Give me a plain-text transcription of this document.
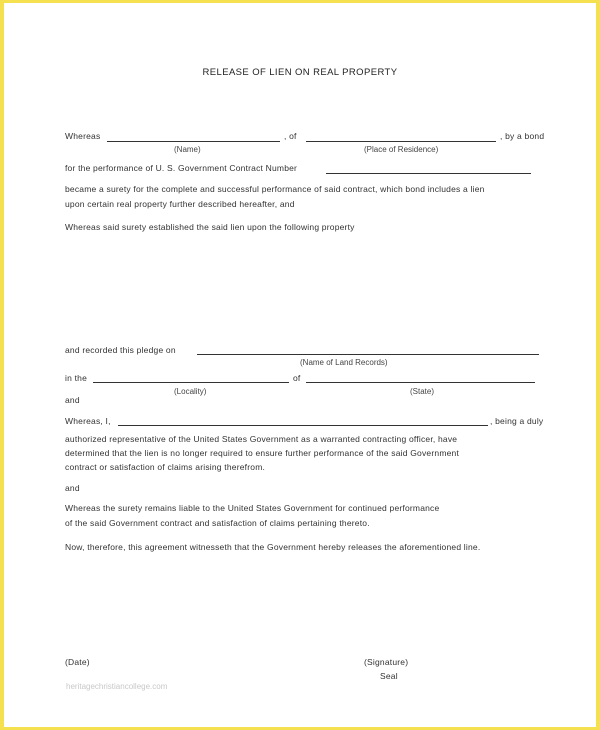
RELEASE OF LIEN ON REAL PROPERTY
Whereas	, of	, by a bond
(Name)	(Place of Residence)
for the performance of U. S. Government Contract Number
became a surety for the complete and successful performance of said contract, which bond includes a lien
upon certain real property further described hereafter, and
Whereas said surety established the said lien upon the following property
and recorded this pledge on
(Name of Land Records)
in the	of
(Locality)	(State)
and
Whereas, I,	, being a duly
authorized representative of the United States Government as a warranted contracting officer, have
determined that the lien is no longer required to ensure further performance of the said Government
contract or satisfaction of claims arising therefrom.
and
Whereas the surety remains liable to the United States Government for continued performance
of the said Government contract and satisfaction of claims pertaining thereto.
Now, therefore, this agreement witnesseth that the Government hereby releases the aforementioned line.
(Date)	(Signature)
Seal
heritagechristiancollege.com
